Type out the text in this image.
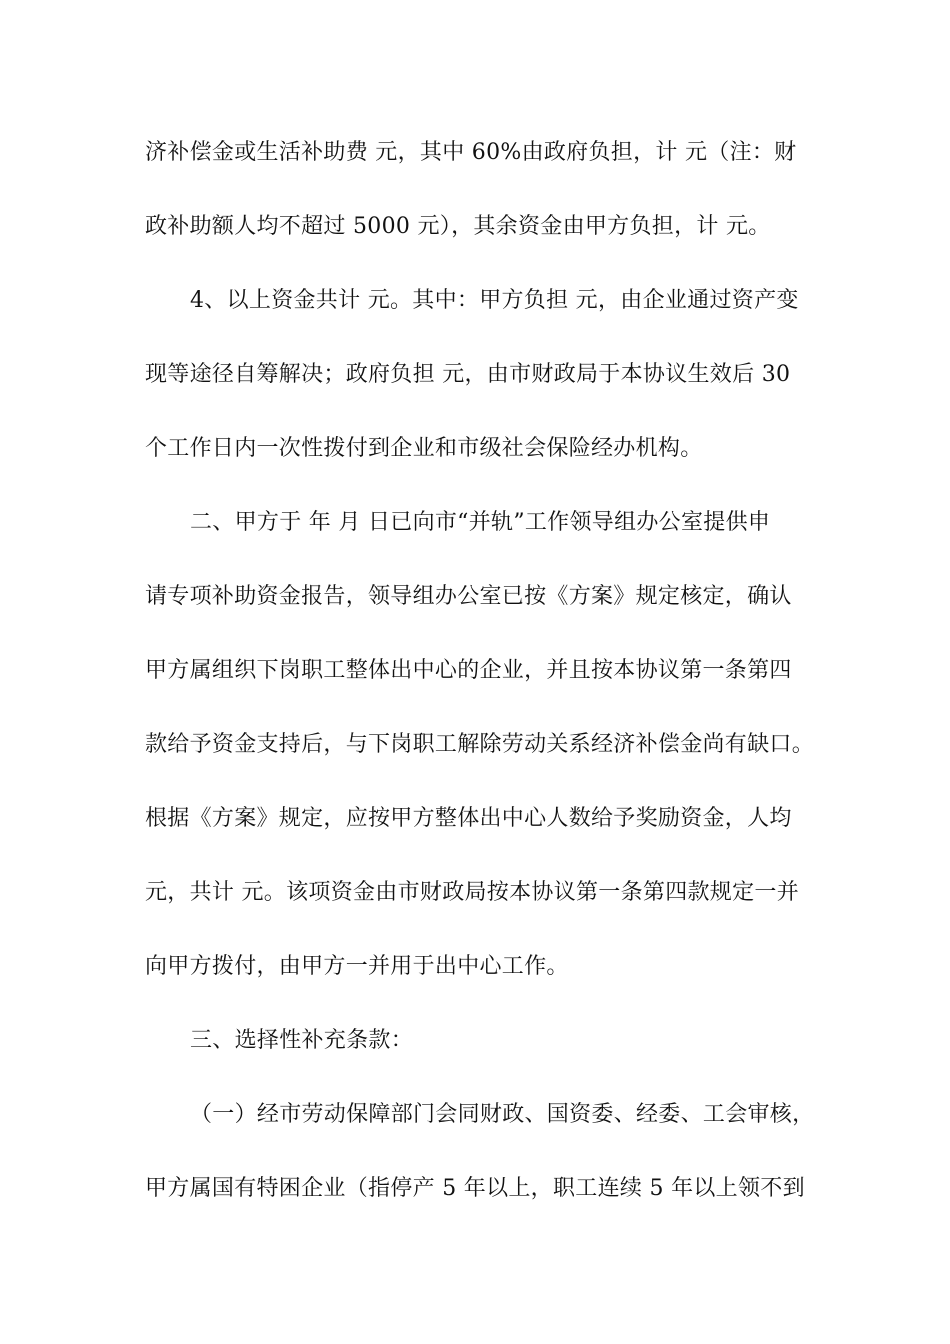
济补偿金或生活补助费 元，其中 60%由政府负担，计 元（注：财
政补助额人均不超过 5000 元），其余资金由甲方负担，计 元。
4、以上资金共计 元。其中：甲方负担 元，由企业通过资产变
现等途径自筹解决；政府负担 元，由市财政局于本协议生效后 30
个工作日内一次性拨付到企业和市级社会保险经办机构。
二、甲方于 年 月 日已向市“并轨”工作领导组办公室提供申
请专项补助资金报告，领导组办公室已按《方案》规定核定，确认
甲方属组织下岗职工整体出中心的企业，并且按本协议第一条第四
款给予资金支持后，与下岗职工解除劳动关系经济补偿金尚有缺口。
根据《方案》规定，应按甲方整体出中心人数给予奖励资金，人均
元，共计 元。该项资金由市财政局按本协议第一条第四款规定一并
向甲方拨付，由甲方一并用于出中心工作。
三、选择性补充条款：
（一）经市劳动保障部门会同财政、国资委、经委、工会审核，
甲方属国有特困企业（指停产 5 年以上，职工连续 5 年以上领不到
